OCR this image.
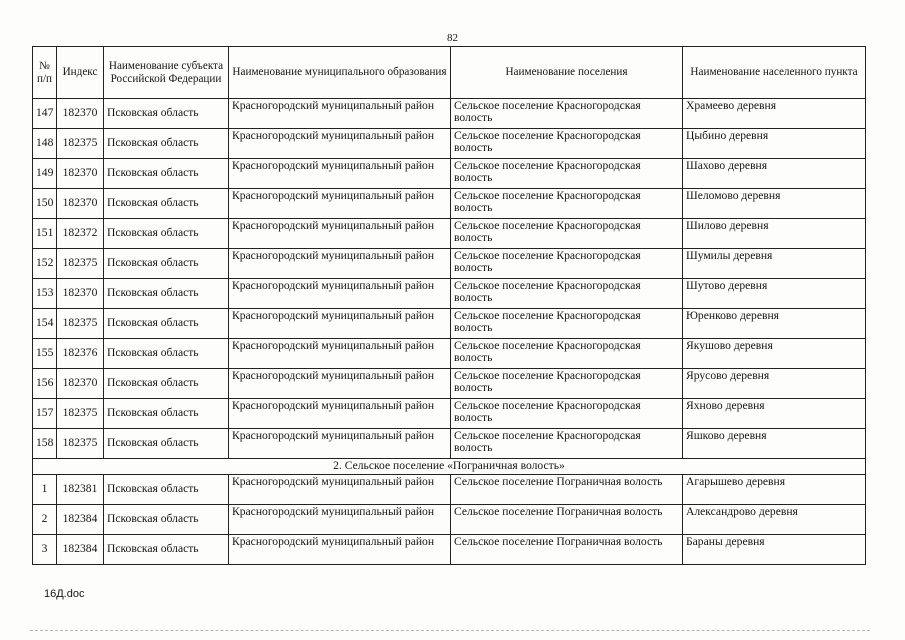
82
№ п/п	Индекс	Наименование субъекта Российской Федерации	Наименование муниципального образования	Наименование поселения	Наименование населенного пункта
147	182370	Псковская область	Красногородский муниципальный район	Сельское поселение Красногородская волость	Храмеево деревня
148	182375	Псковская область	Красногородский муниципальный район	Сельское поселение Красногородская волость	Цыбино деревня
149	182370	Псковская область	Красногородский муниципальный район	Сельское поселение Красногородская волость	Шахово деревня
150	182370	Псковская область	Красногородский муниципальный район	Сельское поселение Красногородская волость	Шеломово деревня
151	182372	Псковская область	Красногородский муниципальный район	Сельское поселение Красногородская волость	Шилово деревня
152	182375	Псковская область	Красногородский муниципальный район	Сельское поселение Красногородская волость	Шумилы деревня
153	182370	Псковская область	Красногородский муниципальный район	Сельское поселение Красногородская волость	Шутово деревня
154	182375	Псковская область	Красногородский муниципальный район	Сельское поселение Красногородская волость	Юренково деревня
155	182376	Псковская область	Красногородский муниципальный район	Сельское поселение Красногородская волость	Якушово деревня
156	182370	Псковская область	Красногородский муниципальный район	Сельское поселение Красногородская волость	Ярусово деревня
157	182375	Псковская область	Красногородский муниципальный район	Сельское поселение Красногородская волость	Яхново деревня
158	182375	Псковская область	Красногородский муниципальный район	Сельское поселение Красногородская волость	Яшково деревня
2. Сельское поселение «Пограничная волость»					
1	182381	Псковская область	Красногородский муниципальный район	Сельское поселение Пограничная волость	Агарышево деревня
2	182384	Псковская область	Красногородский муниципальный район	Сельское поселение Пограничная волость	Александрово деревня
3	182384	Псковская область	Красногородский муниципальный район	Сельское поселение Пограничная волость	Бараны деревня
16Д.doc
